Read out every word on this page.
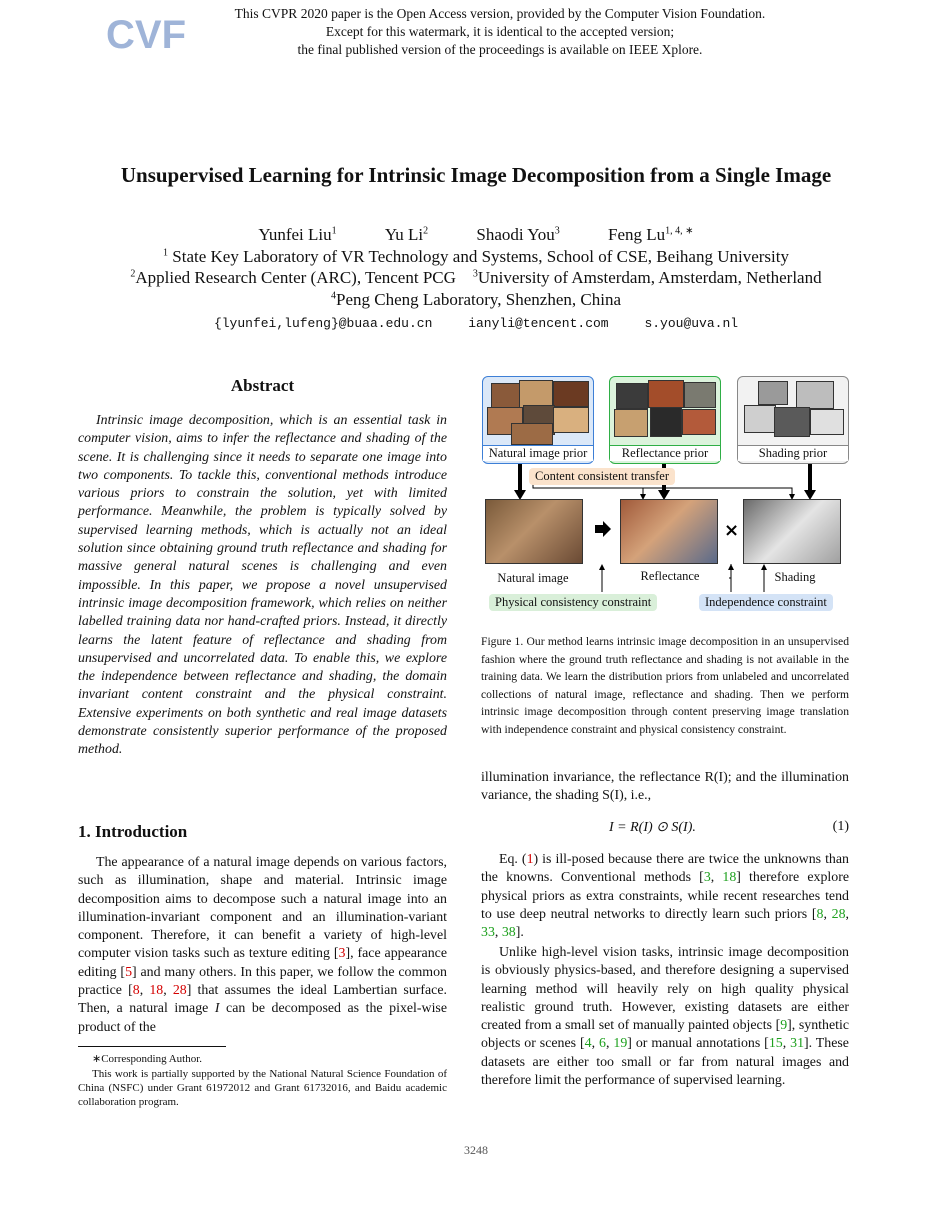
CVF	This CVPR 2020 paper is the Open Access version, provided by the Computer Vision Foundation.
Except for this watermark, it is identical to the accepted version;
the final published version of the proceedings is available on IEEE Xplore.
Unsupervised Learning for Intrinsic Image Decomposition from a Single Image
Yunfei Liu$^1$	Yu Li$^2$	Shaodi You$^3$	Feng $Lu^{1, 4, ∗}$
$^1$ State Key Laboratory of VR Technology and Systems, School of CSE, Beihang University
$^2$Applied Research Center (ARC), Tencent PCG $^3$University of Amsterdam, Amsterdam, Netherland
$^4$Peng Cheng Laboratory, Shenzhen, China
{lyunfei,lufeng}@buaa.edu.cn	ianyli@tencent.com	s.you@uva.nl
Abstract
Intrinsic image decomposition, which is an essential task in computer vision, aims to infer the reflectance and shading of the scene. It is challenging since it needs to separate one image into two components. To tackle this, conventional methods introduce various priors to constrain the solution, yet with limited performance. Meanwhile, the problem is typically solved by supervised learning methods, which is actually not an ideal solution since obtaining ground truth reflectance and shading for massive general natural scenes is challenging and even impossible. In this paper, we propose a novel unsupervised intrinsic image decomposition framework, which relies on neither labelled training data nor hand-crafted priors. Instead, it directly learns the latent feature of reflectance and shading from unsupervised and uncorrelated data. To enable this, we explore the independence between reflectance and shading, the domain invariant content constraint and the physical constraint. Extensive experiments on both synthetic and real image datasets demonstrate consistently superior performance of the proposed method.
1. Introduction
The appearance of a natural image depends on various factors, such as illumination, shape and material. Intrinsic image decomposition aims to decompose such a natural image into an illumination-invariant component and an illumination-variant component. Therefore, it can benefit a variety of high-level computer vision tasks such as texture editing [3], face appearance editing [5] and many others. In this paper, we follow the common practice [8, 18, 28] that assumes the ideal Lambertian surface. Then, a natural image I can be decomposed as the pixel-wise product of the
∗Corresponding Author.
This work is partially supported by the National Natural Science Foundation of China (NSFC) under Grant 61972012 and Grant 61732016, and Baidu academic collaboration program.
Natural image prior	Reflectance prior	Shading prior
×
Content consistent transfer
Natural image	Reflectance	Shading
Physical consistency constraint	Independence constraint
Figure 1. Our method learns intrinsic image decomposition in an unsupervised fashion where the ground truth reflectance and shading is not available in the training data. We learn the distribution priors from unlabeled and uncorrelated collections of natural image, reflectance and shading. Then we perform intrinsic image decomposition through content preserving image translation with independence constraint and physical consistency constraint.
illumination invariance, the reflectance R(I); and the illumination variance, the shading S(I), i.e.,
I = R(I) ⊙ S(I).	(1)
Eq. (1) is ill-posed because there are twice the unknowns than the knowns. Conventional methods [3, 18] therefore explore physical priors as extra constraints, while recent researches tend to use deep neutral networks to directly learn such priors [8, 28, 33, 38].
Unlike high-level vision tasks, intrinsic image decomposition is obviously physics-based, and therefore designing a supervised learning method will heavily rely on high quality physical realistic ground truth. However, existing datasets are either created from a small set of manually painted objects [9], synthetic objects or scenes [4, 6, 19] or manual annotations [15, 31]. These datasets are either too small or far from natural images and therefore limit the performance of supervised learning.
3248
